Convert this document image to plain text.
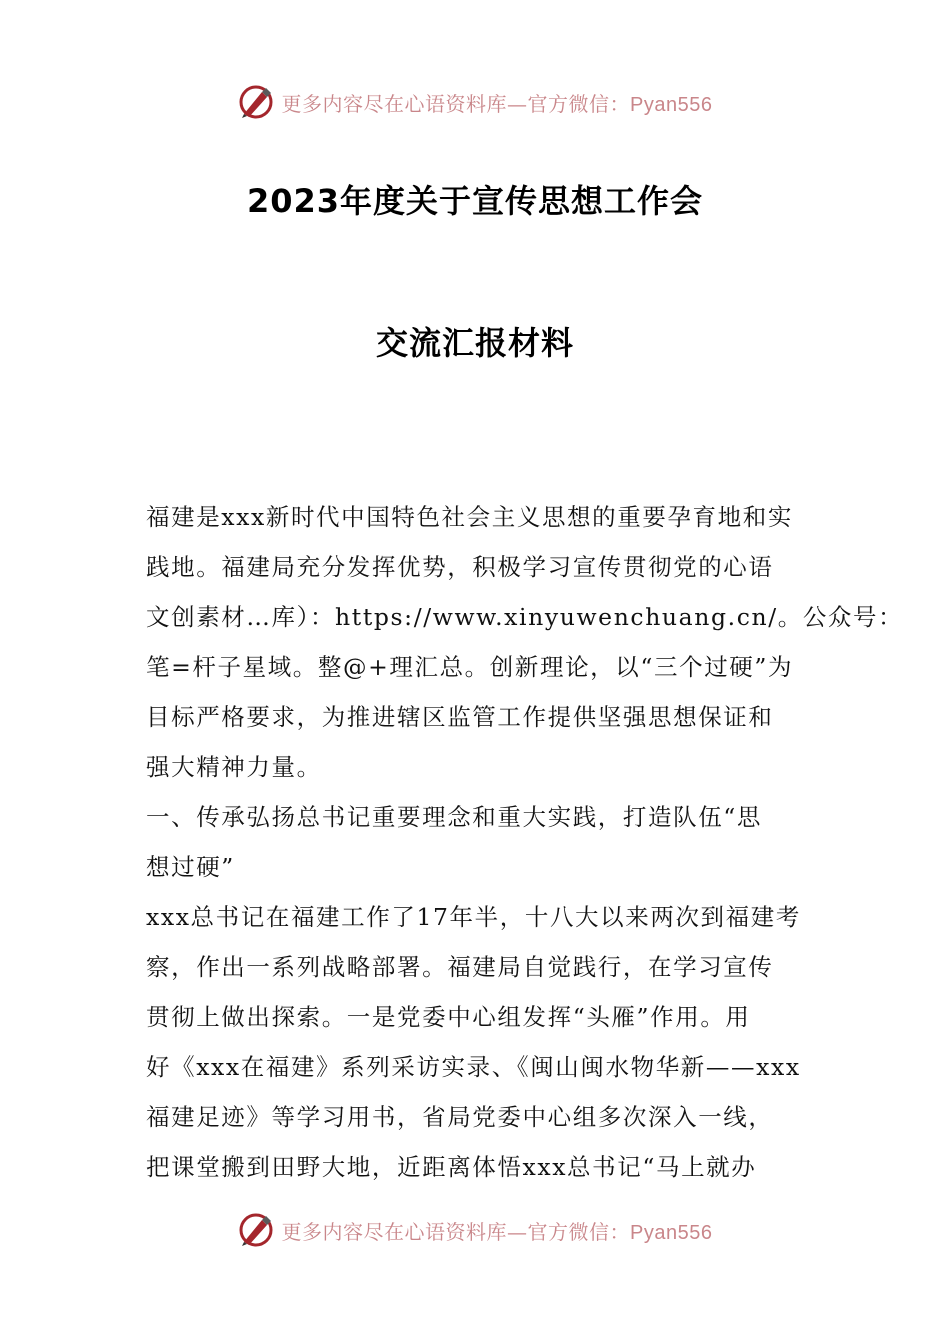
更多内容尽在心语资料库—官方微信：Pyan556
2023年度关于宣传思想工作会
交流汇报材料
福建是xxx新时代中国特色社会主义思想的重要孕育地和实
践地。福建局充分发挥优势，积极学习宣传贯彻党的心语
文创素材…库）：https://www.xinyuwenchuang.cn/。公众号：
笔=杆子星域。整@+理汇总。创新理论，以“三个过硬”为
目标严格要求，为推进辖区监管工作提供坚强思想保证和
强大精神力量。
一、传承弘扬总书记重要理念和重大实践，打造队伍“思
想过硬”
xxx总书记在福建工作了17年半，十八大以来两次到福建考
察，作出一系列战略部署。福建局自觉践行，在学习宣传
贯彻上做出探索。一是党委中心组发挥“头雁”作用。用
好《xxx在福建》系列采访实录、《闽山闽水物华新——xxx
福建足迹》等学习用书，省局党委中心组多次深入一线，
把课堂搬到田野大地，近距离体悟xxx总书记“马上就办
更多内容尽在心语资料库—官方微信：Pyan556
